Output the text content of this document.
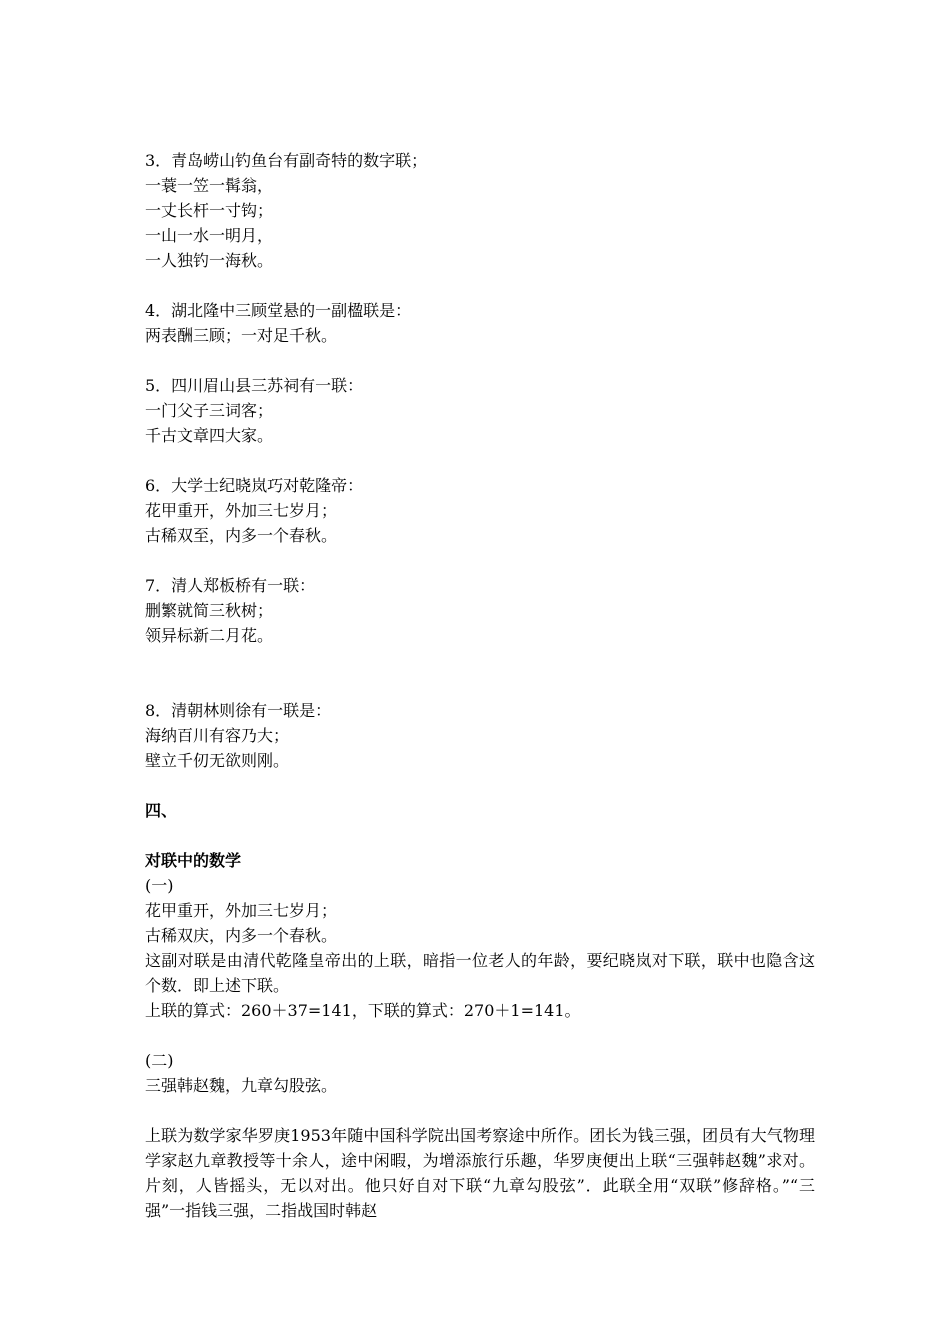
3．青岛崂山钓鱼台有副奇特的数字联；
一蓑一笠一髯翁，
一丈长杆一寸钩；
一山一水一明月，
一人独钓一海秋。
4．湖北隆中三顾堂悬的一副楹联是：
两表酬三顾；一对足千秋。
5．四川眉山县三苏祠有一联：
一门父子三词客；
千古文章四大家。
6．大学士纪晓岚巧对乾隆帝：
花甲重开，外加三七岁月；
古稀双至，内多一个春秋。
7．清人郑板桥有一联：
删繁就简三秋树；
领异标新二月花。
8．清朝林则徐有一联是：
海纳百川有容乃大；
壁立千仞无欲则刚。
四、
对联中的数学
(一)
花甲重开，外加三七岁月；
古稀双庆，内多一个春秋。

这副对联是由清代乾隆皇帝出的上联，暗指一位老人的年龄，要纪晓岚对下联，联中也隐含这个数．即上述下联。

上联的算式：260＋37=141，下联的算式：270＋1=141。
(二)
三强韩赵魏，九章勾股弦。

上联为数学家华罗庚1953年随中国科学院出国考察途中所作。团长为钱三强，团员有大气物理学家赵九章教授等十余人，途中闲暇，为增添旅行乐趣，华罗庚便出上联“三强韩赵魏”求对。片刻，人皆摇头，无以对出。他只好自对下联“九章勾股弦”．此联全用“双联”修辞格。”“三强”一指钱三强，二指战国时韩赵
